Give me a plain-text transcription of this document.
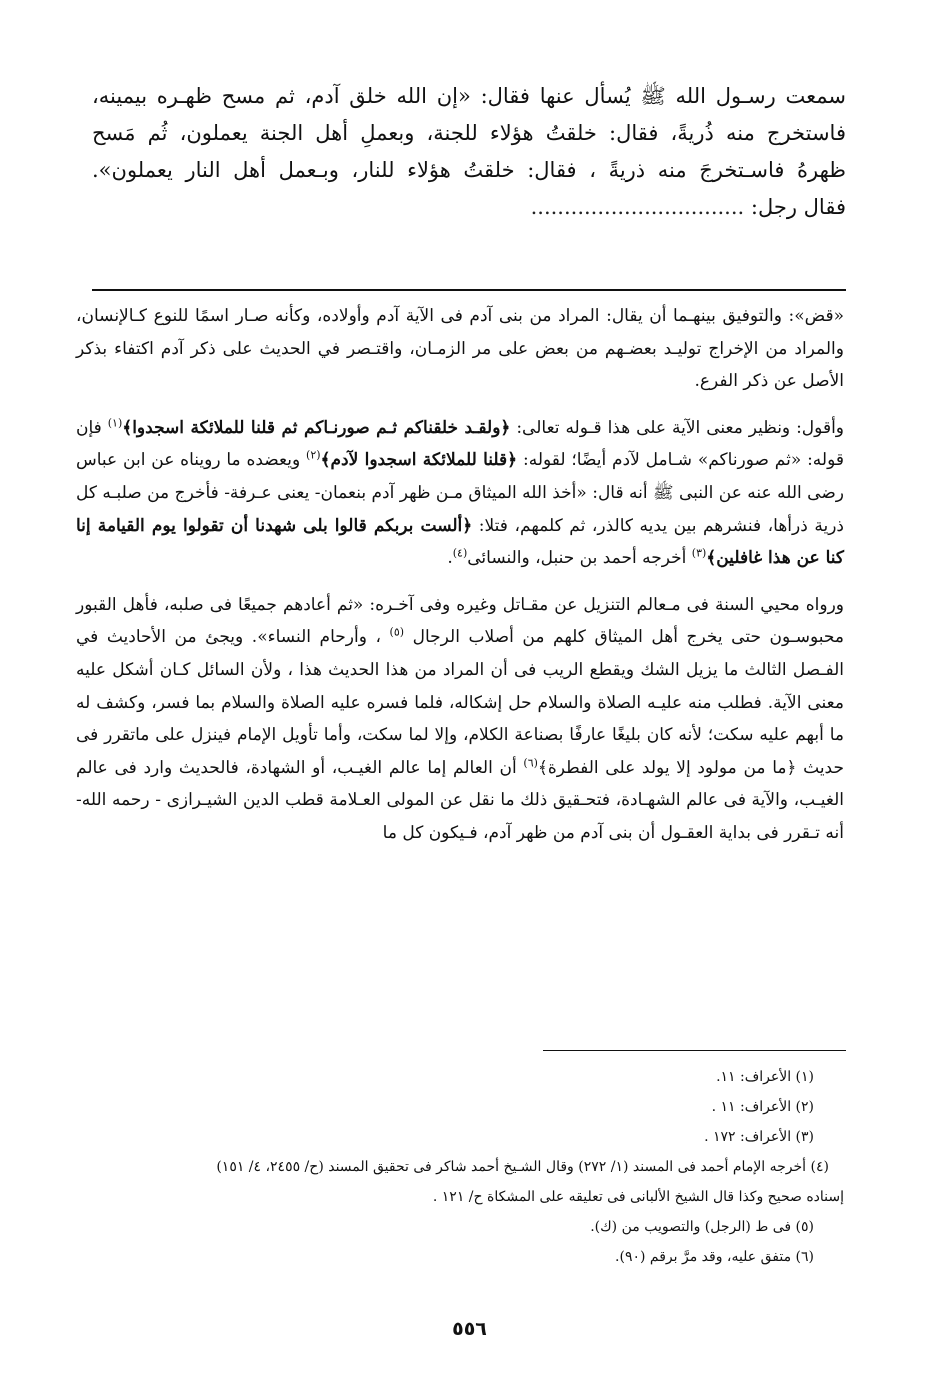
سمعت رسـول الله ﷺ يُسأل عنها فقال: «إن الله خلق آدم، ثم مسح ظهـره بيمينه،
فاستخرج منه ذُريةً، فقال: خلقتُ هؤلاء للجنة، وبعملِ أهل الجنة يعملون، ثُم مَسح
ظهرهُ فاسـتخرجَ منه ذريةً ، فقال: خلقتُ هؤلاء للنار، وبـعمل أهل النار يعملون».
فقال رجل: ................................

«قض»: والتوفيق بينهـما أن يقال: المراد من بنى آدم فى الآية آدم وأولاده، وكأنه صـار اسمًا للنوع كـالإنسان، والمراد من الإخراج توليـد بعضـهم من بعض على مر الزمـان، واقتـصر في الحديث على ذكر آدم اكتفاء بذكر الأصل عن ذكر الفرع.

وأقول: ونظير معنى الآية على هذا قـوله تعالى: ﴿ولقـد خلقناكم ثـم صورنـاكم ثم قلنا للملائكة اسجدوا﴾$^{(١)}$ فإن قوله: «ثم صورناكم» شـامل لآدم أيضًا؛ لقوله: ﴿قلنا للملائكة اسجدوا لآدم﴾$^{(٢)}$ ويعضده ما رويناه عن ابن عباس رضى الله عنه عن النبى ﷺ أنه قال: «أخذ الله الميثاق مـن ظهر آدم بنعمان- يعنى عـرفة- فأخرج من صلبـه كل ذرية ذرأها، فنشرهم بين يديه كالذر، ثم كلمهم، فتلا: ﴿ألست بربكم قالوا بلى شهدنا أن تقولوا يوم القيامة إنا كنا عن هذا غافلين﴾$^{(٣)}$ أخرجه أحمد بن حنبل، والنسائى$^{(٤)}$.

ورواه محيي السنة فى مـعالم التنزيل عن مقـاتل وغيره وفى آخـره: «ثم أعادهم جميعًا فى صلبه، فأهل القبور محبوسـون حتى يخرج أهل الميثاق كلهم من أصلاب الرجال $^{(٥)}$ ، وأرحام النساء». ويجئ من الأحاديث في الفـصل الثالث ما يزيل الشك ويقطع الريب فى أن المراد من هذا الحديث هذا ، ولأن السائل كـان أشكل عليه معنى الآية. فطلب منه عليـه الصلاة والسلام حل إشكاله، فلما فسره عليه الصلاة والسلام بما فسر، وكشف له ما أبهم عليه سكت؛ لأنه كان بليغًا عارفًا بصناعة الكلام، وإلا لما سكت، وأما تأويل الإمام فينزل على ماتقرر فى حديث ﴿ما من مولود إلا يولد على الفطرة﴾$^{(٦)}$ أن العالم إما عالم الغيـب، أو الشهادة، فالحديث وارد فى عالم الغيـب، والآية فى عالم الشهـادة، فتحـقيق ذلك ما نقل عن المولى العـلامة قطب الدين الشيـرازى - رحمه الله- أنه تـقرر فى بداية العقـول أن بنى آدم من ظهر آدم، فـيكون كل ما

(١) الأعراف: ١١.
(٢) الأعراف: ١١ .
(٣) الأعراف: ١٧٢ .
(٤) أخرجه الإمام أحمد فى المسند (١/ ٢٧٢) وقال الشـيخ أحمد شاكر فى تحقيق المسند (ح/ ٢٤٥٥، ٤/ ١٥١)
إسناده صحيح وكذا قال الشيخ الألبانى فى تعليقه على المشكاة ح/ ١٢١ .
(٥) فى ط (الرجل) والتصويب من (ك).
(٦) متفق عليه، وقد مرَّ برقم (٩٠).
٥٥٦
